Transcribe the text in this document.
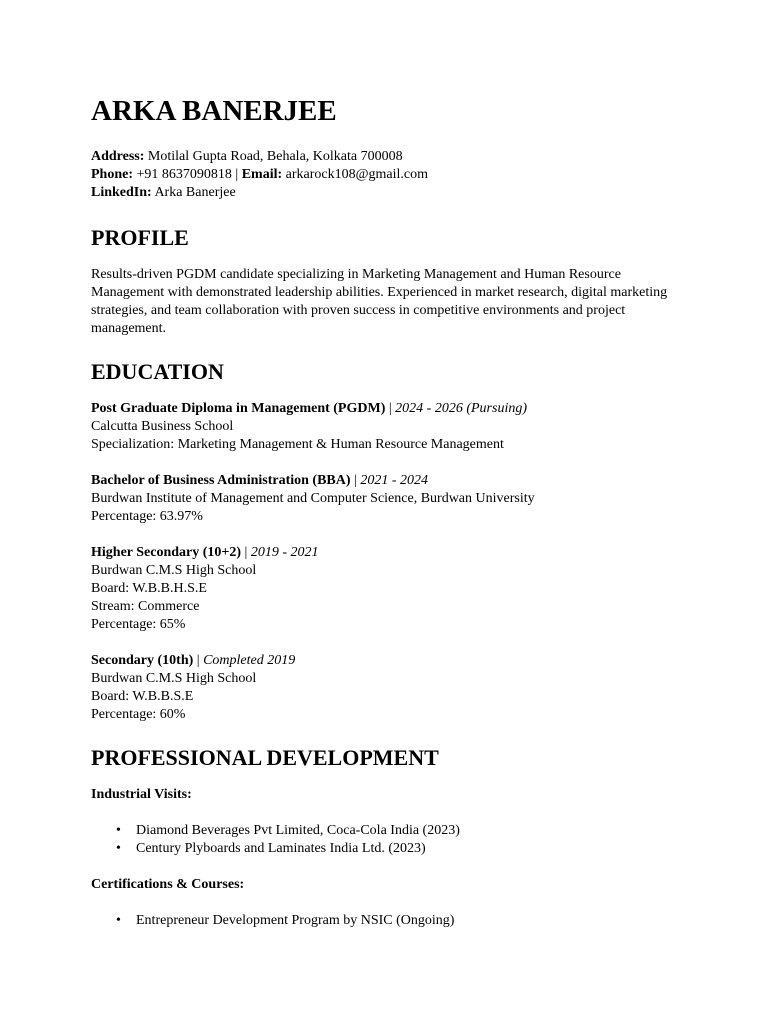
ARKA BANERJEE
Address: Motilal Gupta Road, Behala, Kolkata 700008
Phone: +91 8637090818 | Email: arkarock108@gmail.com
LinkedIn: Arka Banerjee
PROFILE

Results-driven PGDM candidate specializing in Marketing Management and Human Resource Management with demonstrated leadership abilities. Experienced in market research, digital marketing strategies, and team collaboration with proven success in competitive environments and project management.

EDUCATION
Post Graduate Diploma in Management (PGDM) | 2024 - 2026 (Pursuing)
Calcutta Business School
Specialization: Marketing Management & Human Resource Management
Bachelor of Business Administration (BBA) | 2021 - 2024
Burdwan Institute of Management and Computer Science, Burdwan University
Percentage: 63.97%
Higher Secondary (10+2) | 2019 - 2021
Burdwan C.M.S High School
Board: W.B.B.H.S.E
Stream: Commerce
Percentage: 65%
Secondary (10th) | Completed 2019
Burdwan C.M.S High School
Board: W.B.B.S.E
Percentage: 60%
PROFESSIONAL DEVELOPMENT
Industrial Visits:
• Diamond Beverages Pvt Limited, Coca-Cola India (2023)
• Century Plyboards and Laminates India Ltd. (2023)
Certifications & Courses:
• Entrepreneur Development Program by NSIC (Ongoing)
